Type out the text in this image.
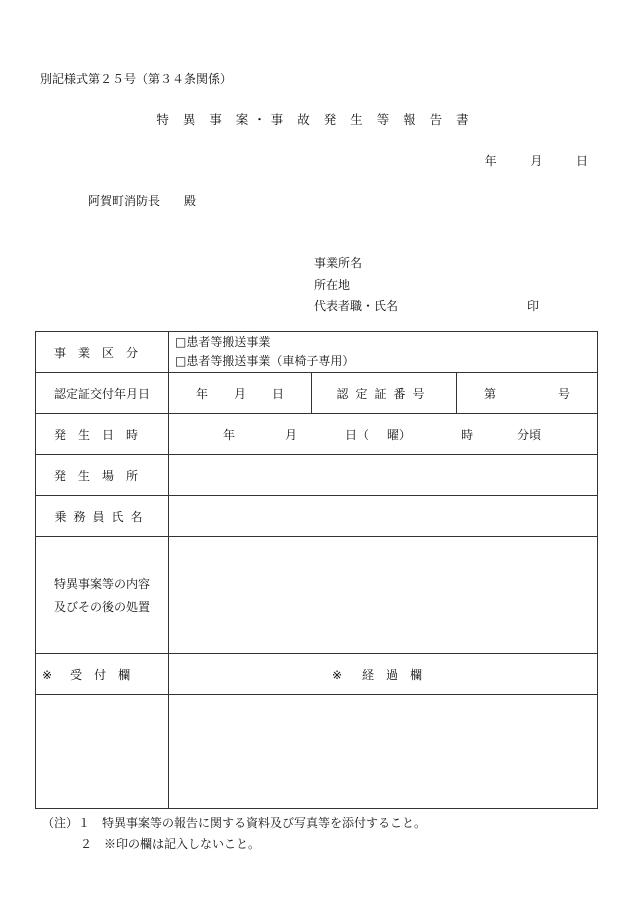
別記様式第２５号（第３４条関係）
特 異 事 案・事 故 発 生 等 報 告 書
年	月	日
阿賀町消防長　　殿
事業所名
所在地
代表者職・氏名	印
事業区分	□患者等搬送事業
□患者等搬送事業（車椅子専用）		

認定証交付年月日	年 月 日	認定証番号	第 号
発生日時	年 月 日（ 曜） 時 分頃		
発生場所			
乗務員氏名			

特異事案等の内容
及びその後の処置			

※ 受付欄	※ 経過欄		

（注）１　特異事案等の報告に関する資料及び写真等を添付すること。
２　※印の欄は記入しないこと。
